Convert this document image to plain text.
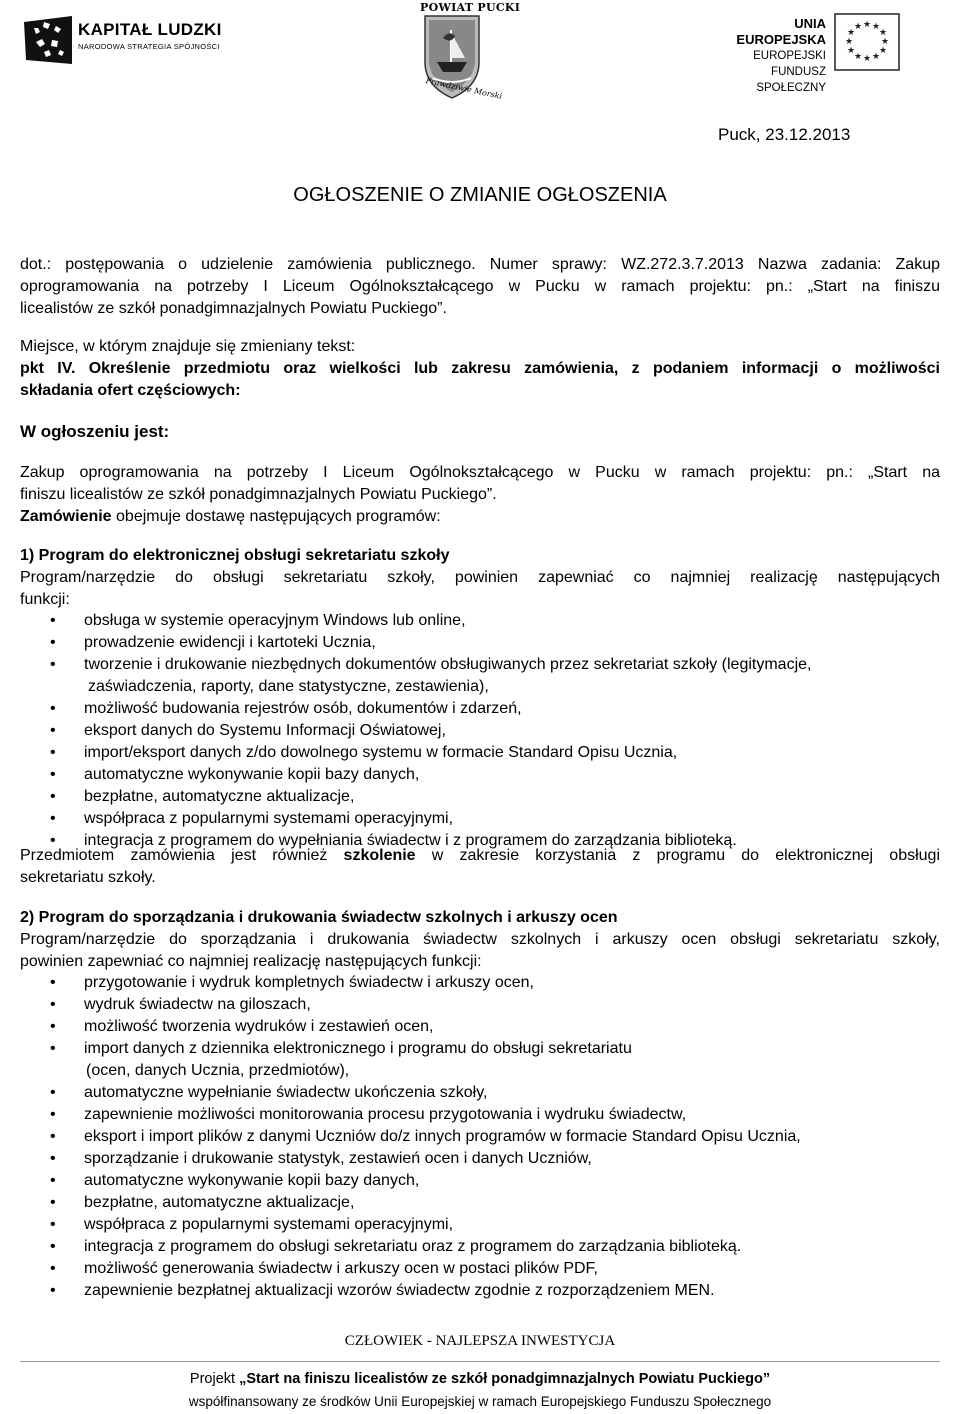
KAPITAŁ LUDZKI
NARODOWA STRATEGIA SPÓJNOŚCI
POWIAT PUCKI
Prawdziwie Morski
UNIA EUROPEJSKA
EUROPEJSKI
FUNDUSZ SPOŁECZNY
★ ★
★
★
★
★
★
★
★
★
★
★
Puck, 23.12.2013
OGŁOSZENIE O ZMIANIE OGŁOSZENIA
dot.: postępowania o udzielenie zamówienia publicznego. Numer sprawy: WZ.272.3.7.2013 Nazwa zadania: Zakup
oprogramowania na potrzeby I Liceum Ogólnokształcącego w Pucku w ramach projektu: pn.: „Start na finiszu
licealistów ze szkół ponadgimnazjalnych Powiatu Puckiego”.
Miejsce, w którym znajduje się zmieniany tekst:
pkt IV. Określenie przedmiotu oraz wielkości lub zakresu zamówienia, z podaniem informacji o możliwości
składania ofert częściowych:
W ogłoszeniu jest:
Zakup oprogramowania na potrzeby I Liceum Ogólnokształcącego w Pucku w ramach projektu: pn.: „Start na
finiszu licealistów ze szkół ponadgimnazjalnych Powiatu Puckiego”.
Zamówienie obejmuje dostawę następujących programów:
1) Program do elektronicznej obsługi sekretariatu szkoły
Program/narzędzie do obsługi sekretariatu szkoły, powinien zapewniać co najmniej realizację następujących
funkcji:
• obsługa w systemie operacyjnym Windows lub online,
• prowadzenie ewidencji i kartoteki Ucznia,
• tworzenie i drukowanie niezbędnych dokumentów obsługiwanych przez sekretariat szkoły (legitymacje,
zaświadczenia, raporty, dane statystyczne, zestawienia),
• możliwość budowania rejestrów osób, dokumentów i zdarzeń,
• eksport danych do Systemu Informacji Oświatowej,
• import/eksport danych z/do dowolnego systemu w formacie Standard Opisu Ucznia,
• automatyczne wykonywanie kopii bazy danych,
• bezpłatne, automatyczne aktualizacje,
• współpraca z popularnymi systemami operacyjnymi,
• integracja z programem do wypełniania świadectw i z programem do zarządzania biblioteką.
Przedmiotem zamówienia jest również szkolenie w zakresie korzystania z programu do elektronicznej obsługi
sekretariatu szkoły.
2) Program do sporządzania i drukowania świadectw szkolnych i arkuszy ocen
Program/narzędzie do sporządzania i drukowania świadectw szkolnych i arkuszy ocen obsługi sekretariatu szkoły,
powinien zapewniać co najmniej realizację następujących funkcji:
• przygotowanie i wydruk kompletnych świadectw i arkuszy ocen,
• wydruk świadectw na giloszach,
• możliwość tworzenia wydruków i zestawień ocen,
• import danych z dziennika elektronicznego i programu do obsługi sekretariatu
(ocen, danych Ucznia, przedmiotów),
• automatyczne wypełnianie świadectw ukończenia szkoły,
• zapewnienie możliwości monitorowania procesu przygotowania i wydruku świadectw,
• eksport i import plików z danymi Uczniów do/z innych programów w formacie Standard Opisu Ucznia,
• sporządzanie i drukowanie statystyk, zestawień ocen i danych Uczniów,
• automatyczne wykonywanie kopii bazy danych,
• bezpłatne, automatyczne aktualizacje,
• współpraca z popularnymi systemami operacyjnymi,
• integracja z programem do obsługi sekretariatu oraz z programem do zarządzania biblioteką.
• możliwość generowania świadectw i arkuszy ocen w postaci plików PDF,
• zapewnienie bezpłatnej aktualizacji wzorów świadectw zgodnie z rozporządzeniem MEN.
CZŁOWIEK - NAJLEPSZA INWESTYCJA
Projekt „Start na finiszu licealistów ze szkół ponadgimnazjalnych Powiatu Puckiego”
współfinansowany ze środków Unii Europejskiej w ramach Europejskiego Funduszu Społecznego
